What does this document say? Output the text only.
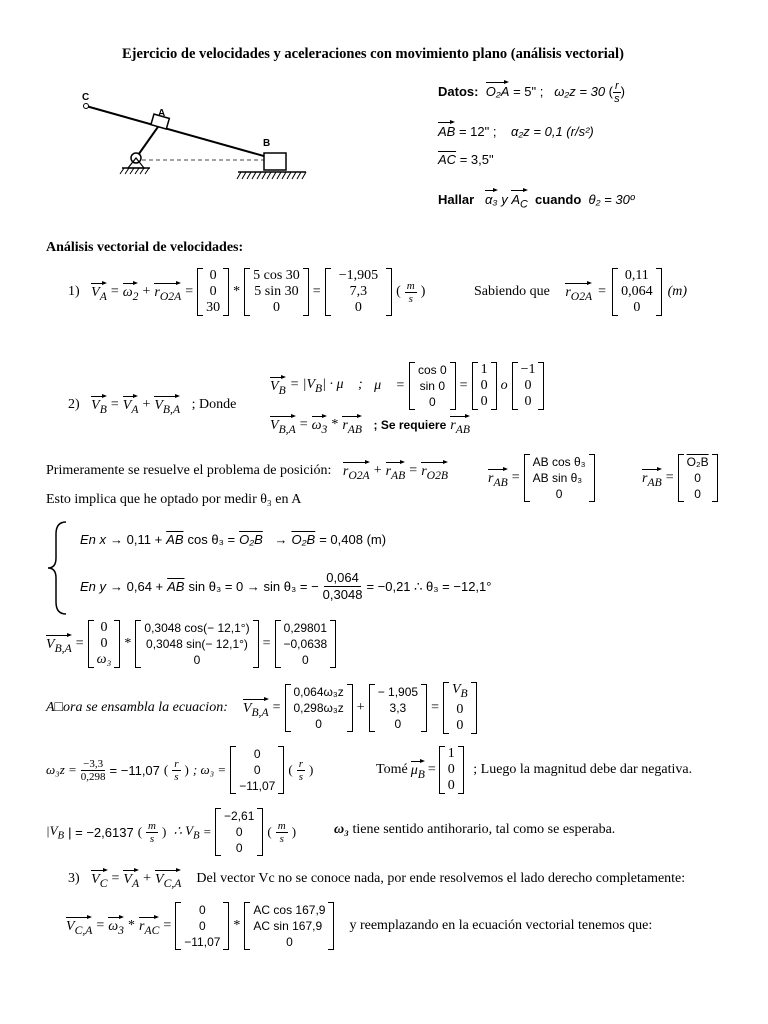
Ejercicio de velocidades y aceleraciones con movimiento plano (análisis vectorial)
C
A
B
Datos: O₂A = 5" ; ω₂z = 30 ( $\frac{r}{s}$ )
AB = 12" ; α₂z = 0,1 (r/s²)
$\overline{AC} = 3,5$"
Hallar α₃ y $A_C$ cuando θ₂ = 30º
Análisis vectorial de velocidades:
1)
$V_A = \omega_2 + r_{O2A}$ =
0
0
30
*
5 cos 30
5 sin 30
0
=
−1,905
7,3
0
( $\frac{m}{s}$ )	Sabiendo que
$r_{O2A}$ =
0,11
0,064
0
(m)
2)
$V_B = V_A + V_{B,A}$
; Donde
$V_B = |V_B|$ · μ⃗ ;
μ⃗ =
cos 0
sin 0
0
=
1
0
0
o
−1
0
0
$V_{B,A} = \omega_3 * r_{AB}$
; Se requiere $r_{AB}$
Primeramente se resuelve el problema de posición:
$r_{O2A} + r_{AB} = r_{O2B}$	$r_{AB}$ =
AB cos θ₃
AB sin θ₃
0
$r_{AB}$ =
O₂B
0
0
Esto implica que he optado por medir θ₃ en A
En $x \to 0,11 + \overline{AB}$ cos θ₃ = O₂B
→ O₂B = 0,408 (m)
En $y \to 0,64 + \overline{AB}$ sin θ₃ = 0 → sin θ₃ = − $\frac{0,064}{0,3048} = -0,21$ ∴ θ₃ = −12,1°
$V_{B,A}$ =
0
0
ω₃
*
0,3048 cos(− 12,1°)
0,3048 sin(− 12,1°)
0
=
0,29801
−0,0638
0
A□ora se ensambla la ecuacion:
$V_{B,A}$ =
0,064ω₃z
0,298ω₃z
0
+
− 1,905
3,3
0
=
$V_B$
0
0
$\omega_3z = \frac{-3,3}{0,298} = -11,07$ ( $\frac{r}{s}$ ) ; ω₃ =
0
0
−11,07
( $\frac{r}{s}$ )	Tomé $\mu_B$ =
1
0
0

; Luego la magnitud debe dar negativa.
$|V_B$ | = −2,6137 ( $\frac{m}{s}$ ) ∴ $V_B$ =
−2,61
0
0
( $\frac{m}{s}$ )	ω₃ tiene sentido antihorario, tal como se esperaba.
3)
$V_C = V_A + V_{C,A}$
Del vector Vc no se conoce nada, por ende resolvemos el lado derecho completamente:
$V_{C,A} = \omega_3 * r_{AC}$ =
0
0
−11,07
*
AC cos 167,9
AC sin 167,9
0

y reemplazando en la ecuación vectorial tenemos que:
